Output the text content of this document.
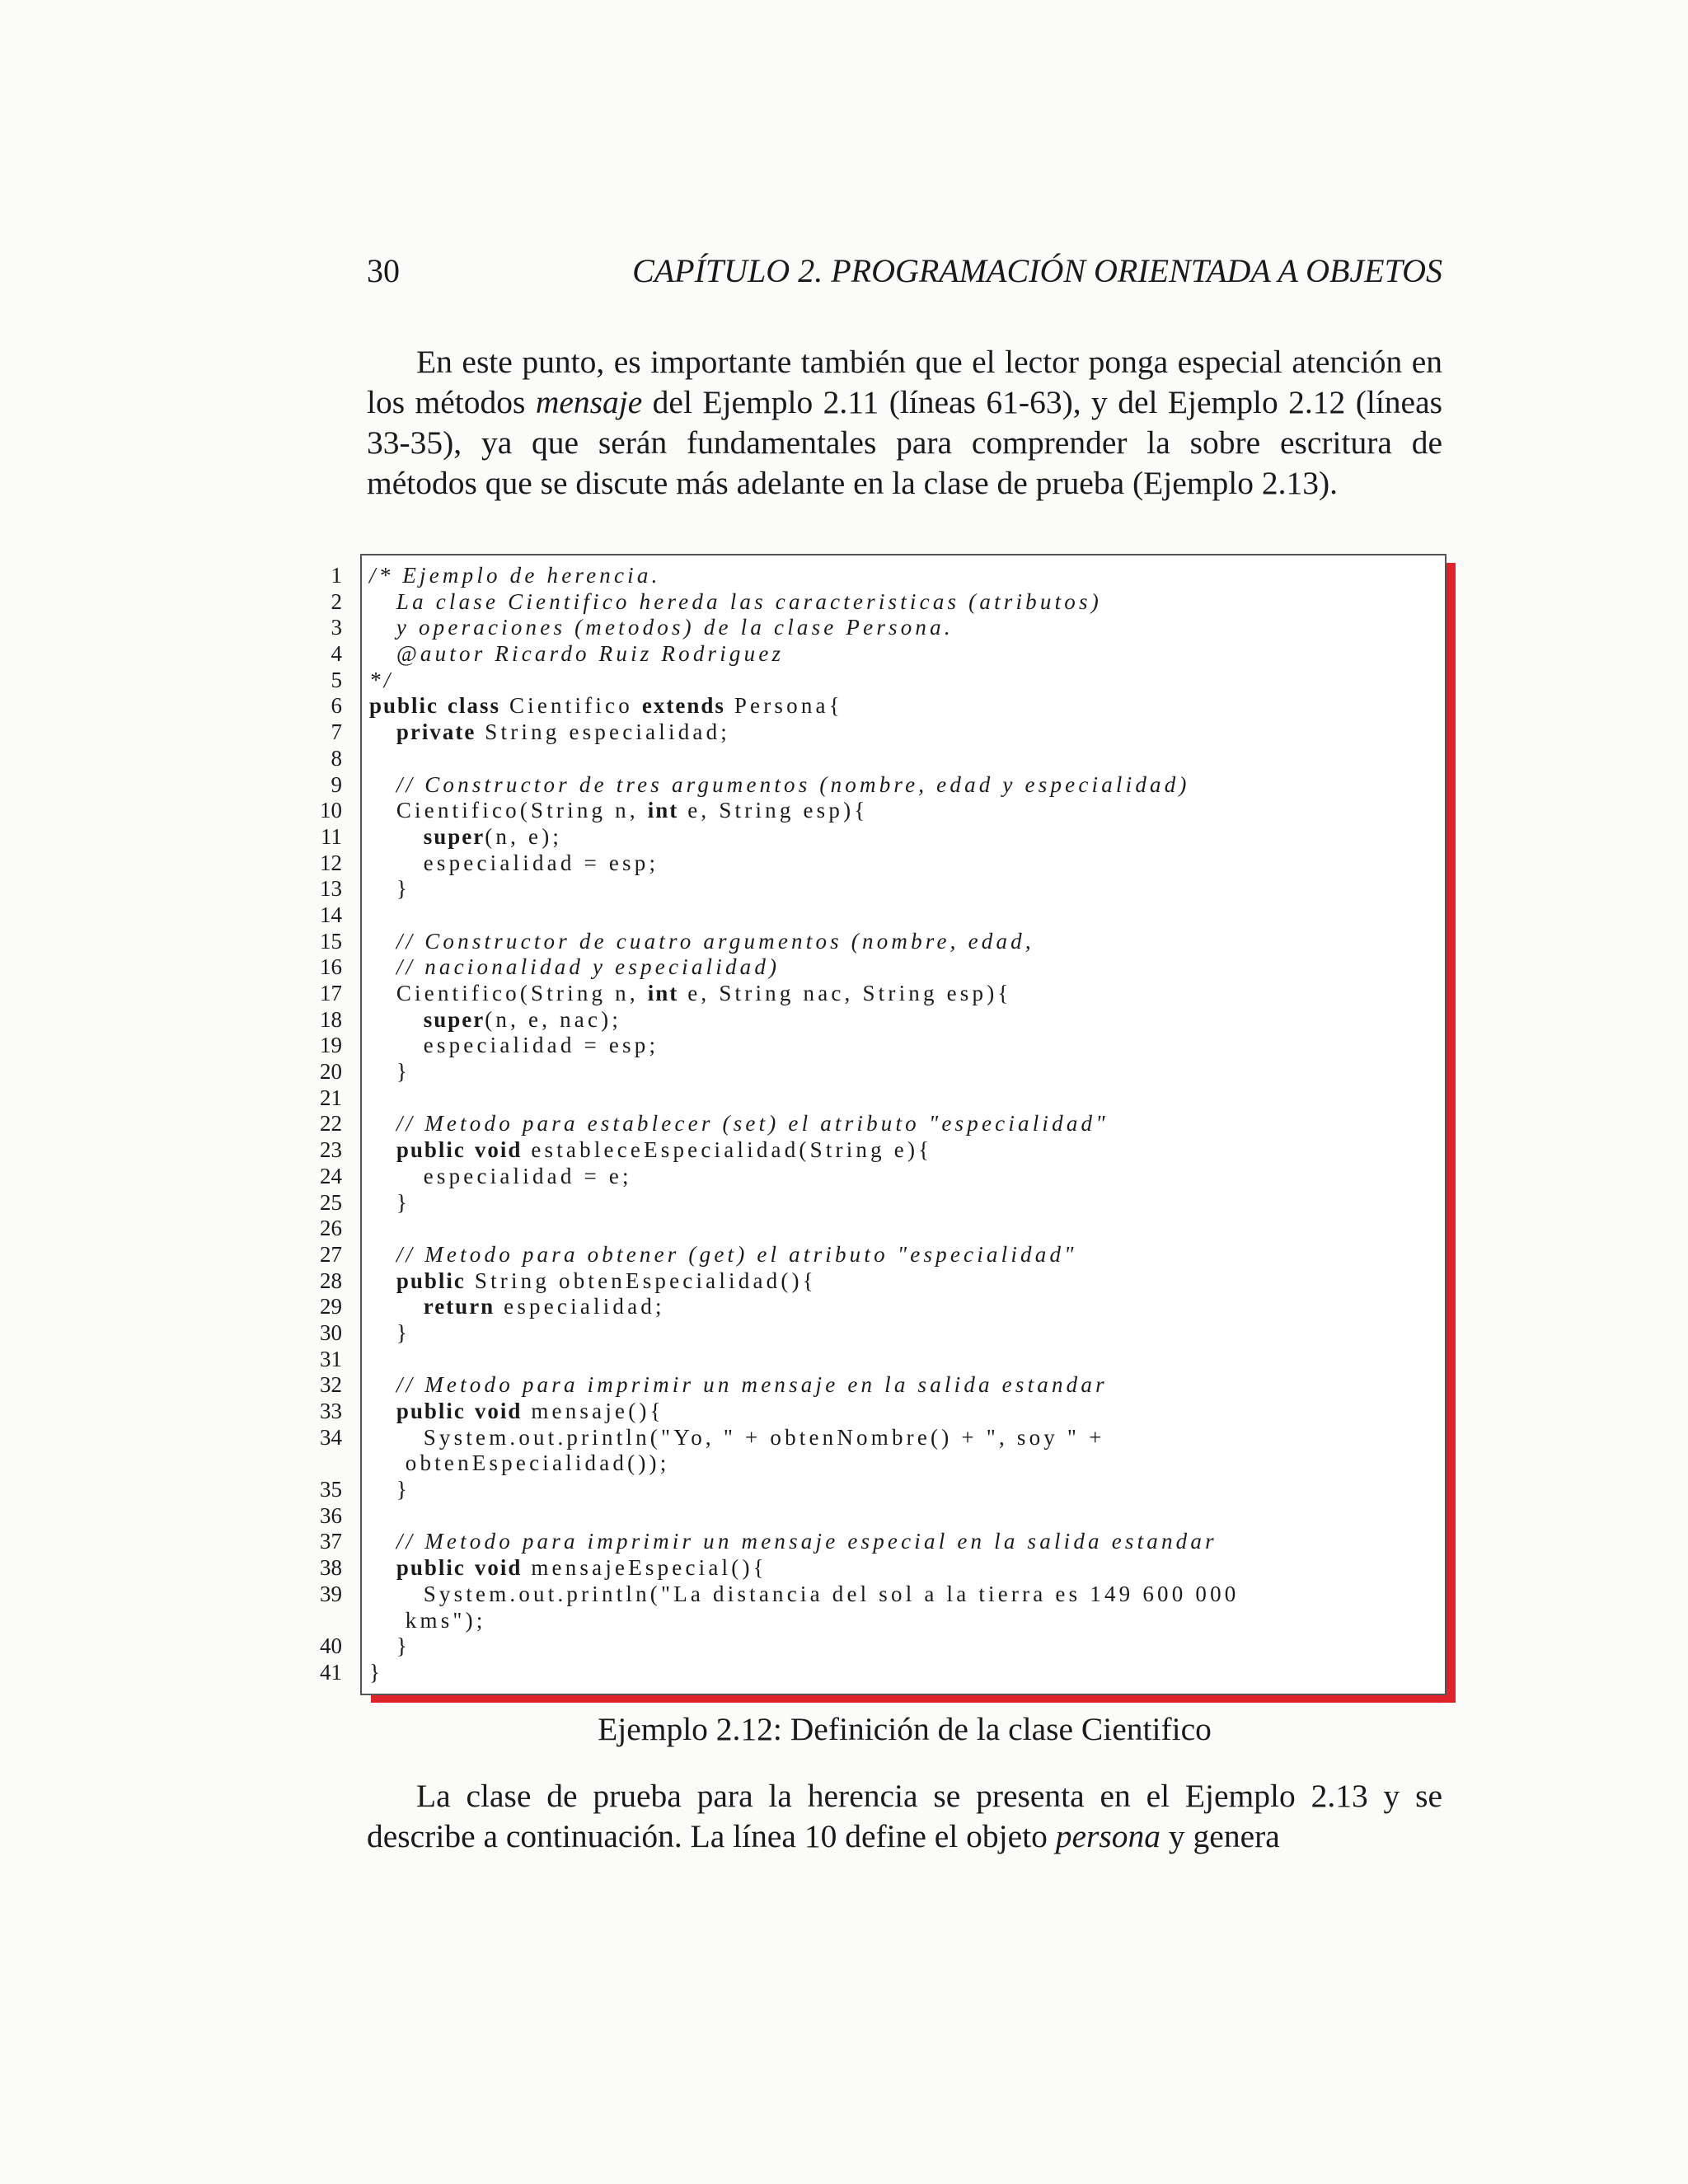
30	CAPÍTULO 2. PROGRAMACIÓN ORIENTADA A OBJETOS

En este punto, es importante también que el lector ponga especial atención en los métodos mensaje del Ejemplo 2.11 (líneas 61-63), y del Ejemplo 2.12 (líneas 33-35), ya que serán fundamentales para comprender la sobre escritura de métodos que se discute más adelante en la clase de prueba (Ejemplo 2.13).

1
2
3
4
5
6
7
8
9
10
11
12
13
14
15
16
17
18
19
20
21
22
23
24
25
26
27
28
29
30
31
32
33
34
35
36
37
38
39
40
41
/* Ejemplo de herencia.
La clase Cientifico hereda las caracteristicas (atributos)
y operaciones (metodos) de la clase Persona.
@autor Ricardo Ruiz Rodriguez
*/
public class Cientifico extends Persona{
private String especialidad;
// Constructor de tres argumentos (nombre, edad y especialidad)
Cientifico(String n, int e, String esp){
super(n, e);
especialidad = esp;
}
// Constructor de cuatro argumentos (nombre, edad,
// nacionalidad y especialidad)
Cientifico(String n, int e, String nac, String esp){
super(n, e, nac);
especialidad = esp;
}
// Metodo para establecer (set) el atributo "especialidad"
public void estableceEspecialidad(String e){
especialidad = e;
}
// Metodo para obtener (get) el atributo "especialidad"
public String obtenEspecialidad(){
return especialidad;
}
// Metodo para imprimir un mensaje en la salida estandar
public void mensaje(){
System.out.println("Yo, " + obtenNombre() + ", soy " +
obtenEspecialidad());
}
// Metodo para imprimir un mensaje especial en la salida estandar
public void mensajeEspecial(){
System.out.println("La distancia del sol a la tierra es 149 600 000
kms");
}
}
Ejemplo 2.12: Definición de la clase Cientifico

La clase de prueba para la herencia se presenta en el Ejemplo 2.13 y se describe a continuación. La línea 10 define el objeto persona y genera
